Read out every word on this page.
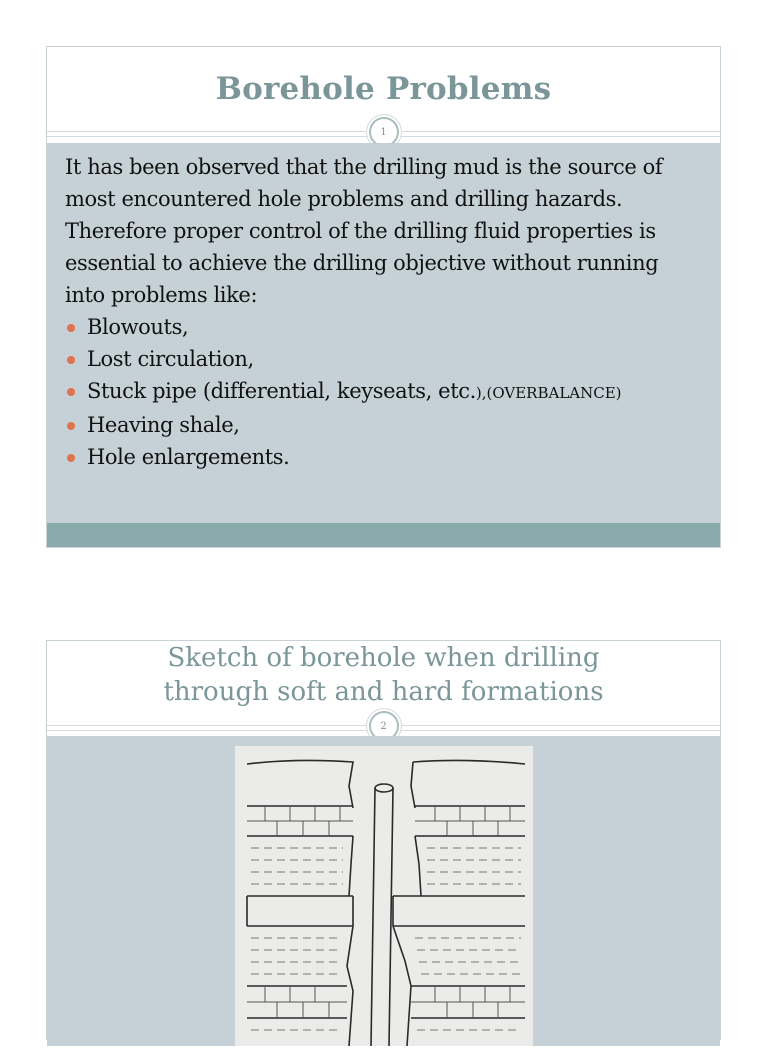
Borehole Problems
1

It has been observed that the drilling mud is the source of most encountered hole problems and drilling hazards. Therefore proper control of the drilling fluid properties is essential to achieve the drilling objective without running into problems like:

Blowouts,
Lost circulation,
Stuck pipe (differential, keyseats, etc.),(OVERBALANCE)
Heaving shale,
Hole enlargements.
Sketch of borehole when drilling
through soft and hard formations
2
